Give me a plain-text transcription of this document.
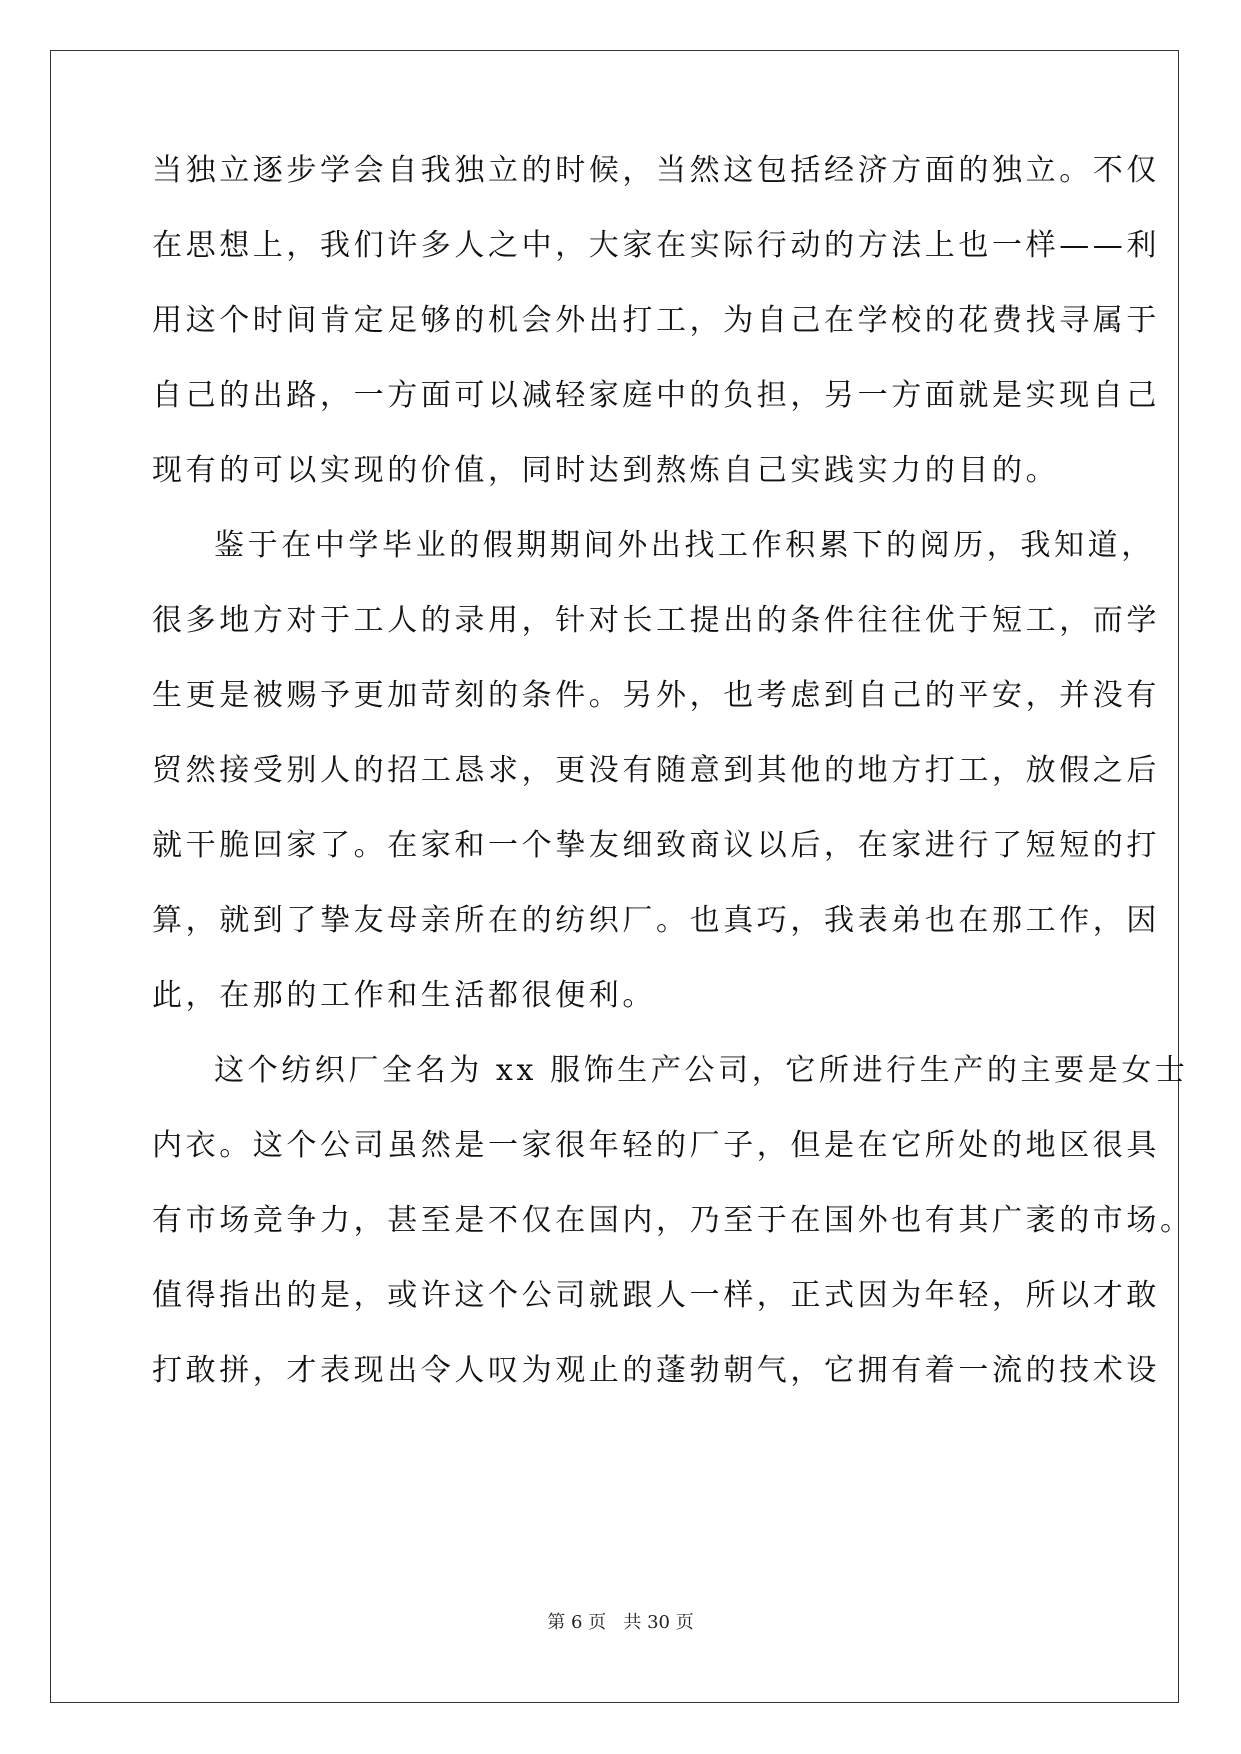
当独立逐步学会自我独立的时候，当然这包括经济方面的独立。不仅
在思想上，我们许多人之中，大家在实际行动的方法上也一样——利
用这个时间肯定足够的机会外出打工，为自己在学校的花费找寻属于
自己的出路，一方面可以减轻家庭中的负担，另一方面就是实现自己
现有的可以实现的价值，同时达到熬炼自己实践实力的目的。
鉴于在中学毕业的假期期间外出找工作积累下的阅历，我知道，
很多地方对于工人的录用，针对长工提出的条件往往优于短工，而学
生更是被赐予更加苛刻的条件。另外，也考虑到自己的平安，并没有
贸然接受别人的招工恳求，更没有随意到其他的地方打工，放假之后
就干脆回家了。在家和一个挚友细致商议以后，在家进行了短短的打
算，就到了挚友母亲所在的纺织厂。也真巧，我表弟也在那工作，因
此，在那的工作和生活都很便利。
这个纺织厂全名为 xx 服饰生产公司，它所进行生产的主要是女士
内衣。这个公司虽然是一家很年轻的厂子，但是在它所处的地区很具
有市场竞争力，甚至是不仅在国内，乃至于在国外也有其广袤的市场。
值得指出的是，或许这个公司就跟人一样，正式因为年轻，所以才敢
打敢拼，才表现出令人叹为观止的蓬勃朝气，它拥有着一流的技术设
第 6 页 共 30 页
